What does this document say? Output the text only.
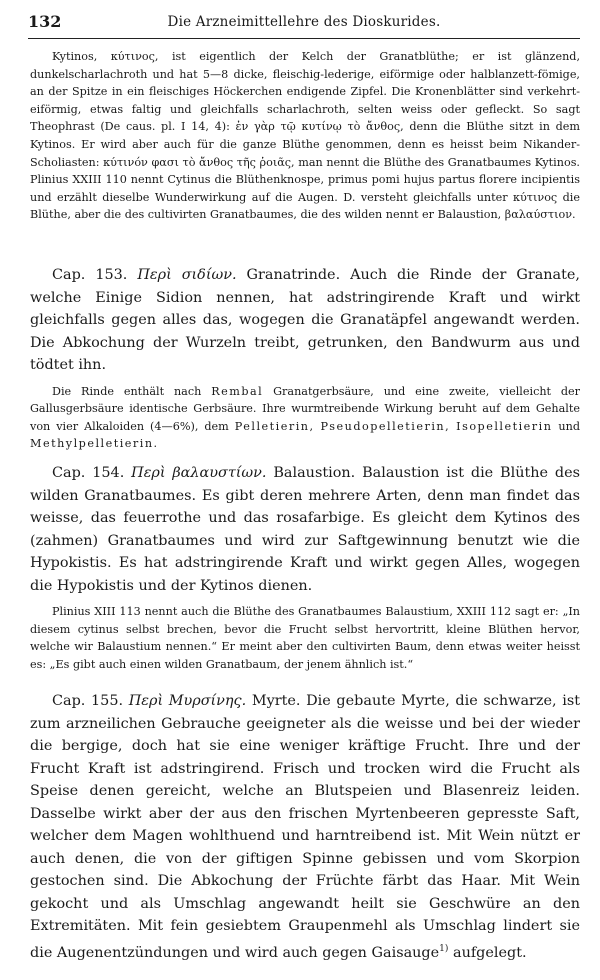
132	Die Arzneimittellehre des Dioskurides.

Kytinos, κύτινος, ist eigentlich der Kelch der Granatblüthe; er ist glänzend, dunkelscharlachroth und hat 5—8 dicke, fleischig-lederige, eiförmige oder halblanzett-fömige, an der Spitze in ein fleischiges Höckerchen endigende Zipfel. Die Kronenblätter sind verkehrt-eiförmig, etwas faltig und gleichfalls scharlachroth, selten weiss oder gefleckt. So sagt Theophrast (De caus. pl. I 14, 4): ἐν γὰρ τῷ κυτίνῳ τὸ ἄνθος, denn die Blüthe sitzt in dem Kytinos. Er wird aber auch für die ganze Blüthe genommen, denn es heisst beim Nikander-Scholiasten: κύτινόν φασι τὸ ἄνθος τῆς ῥοιᾶς, man nennt die Blüthe des Granatbaumes Kytinos. Plinius XXIII 110 nennt Cytinus die Blüthenknospe, primus pomi hujus partus florere incipientis und erzählt dieselbe Wunderwirkung auf die Augen. D. versteht gleichfalls unter κύτινος die Blüthe, aber die des cultivirten Granatbaumes, die des wilden nennt er Balaustion, βαλαύστιον.

Cap. 153. Περὶ σιδίων. Granatrinde. Auch die Rinde der Granate, welche Einige Sidion nennen, hat adstringirende Kraft und wirkt gleichfalls gegen alles das, wogegen die Granatäpfel angewandt werden. Die Abkochung der Wurzeln treibt, getrunken, den Bandwurm aus und tödtet ihn.

Die Rinde enthält nach Rembal Granatgerbsäure, und eine zweite, vielleicht der Gallusgerbsäure identische Gerbsäure. Ihre wurmtreibende Wirkung beruht auf dem Gehalte von vier Alkaloiden (4—6%), dem Pelletierin, Pseudopelletierin, Isopelletierin und Methylpelletierin.

Cap. 154. Περὶ βαλαυστίων. Balaustion. Balaustion ist die Blüthe des wilden Granatbaumes. Es gibt deren mehrere Arten, denn man findet das weisse, das feuerrothe und das rosafarbige. Es gleicht dem Kytinos des (zahmen) Granatbaumes und wird zur Saftgewinnung benutzt wie die Hypokistis. Es hat adstringirende Kraft und wirkt gegen Alles, wogegen die Hypokistis und der Kytinos dienen.

Plinius XIII 113 nennt auch die Blüthe des Granatbaumes Balaustium, XXIII 112 sagt er: „In diesem cytinus selbst brechen, bevor die Frucht selbst hervortritt, kleine Blüthen hervor, welche wir Balaustium nennen.“ Er meint aber den cultivirten Baum, denn etwas weiter heisst es: „Es gibt auch einen wilden Granatbaum, der jenem ähnlich ist.“

Cap. 155. Περὶ Μυρσίνης. Myrte. Die gebaute Myrte, die schwarze, ist zum arzneilichen Gebrauche geeigneter als die weisse und bei der wieder die bergige, doch hat sie eine weniger kräftige Frucht. Ihre und der Frucht Kraft ist adstringirend. Frisch und trocken wird die Frucht als Speise denen gereicht, welche an Blutspeien und Blasenreiz leiden. Dasselbe wirkt aber der aus den frischen Myrtenbeeren gepresste Saft, welcher dem Magen wohlthuend und harntreibend ist. Mit Wein nützt er auch denen, die von der giftigen Spinne gebissen und vom Skorpion gestochen sind. Die Abkochung der Früchte färbt das Haar. Mit Wein gekocht und als Umschlag angewandt heilt sie Geschwüre an den Extremitäten. Mit fein gesiebtem Graupenmehl als Umschlag lindert sie die Augenentzündungen und wird auch gegen Gaisauge$^{1)}$ aufgelegt.
